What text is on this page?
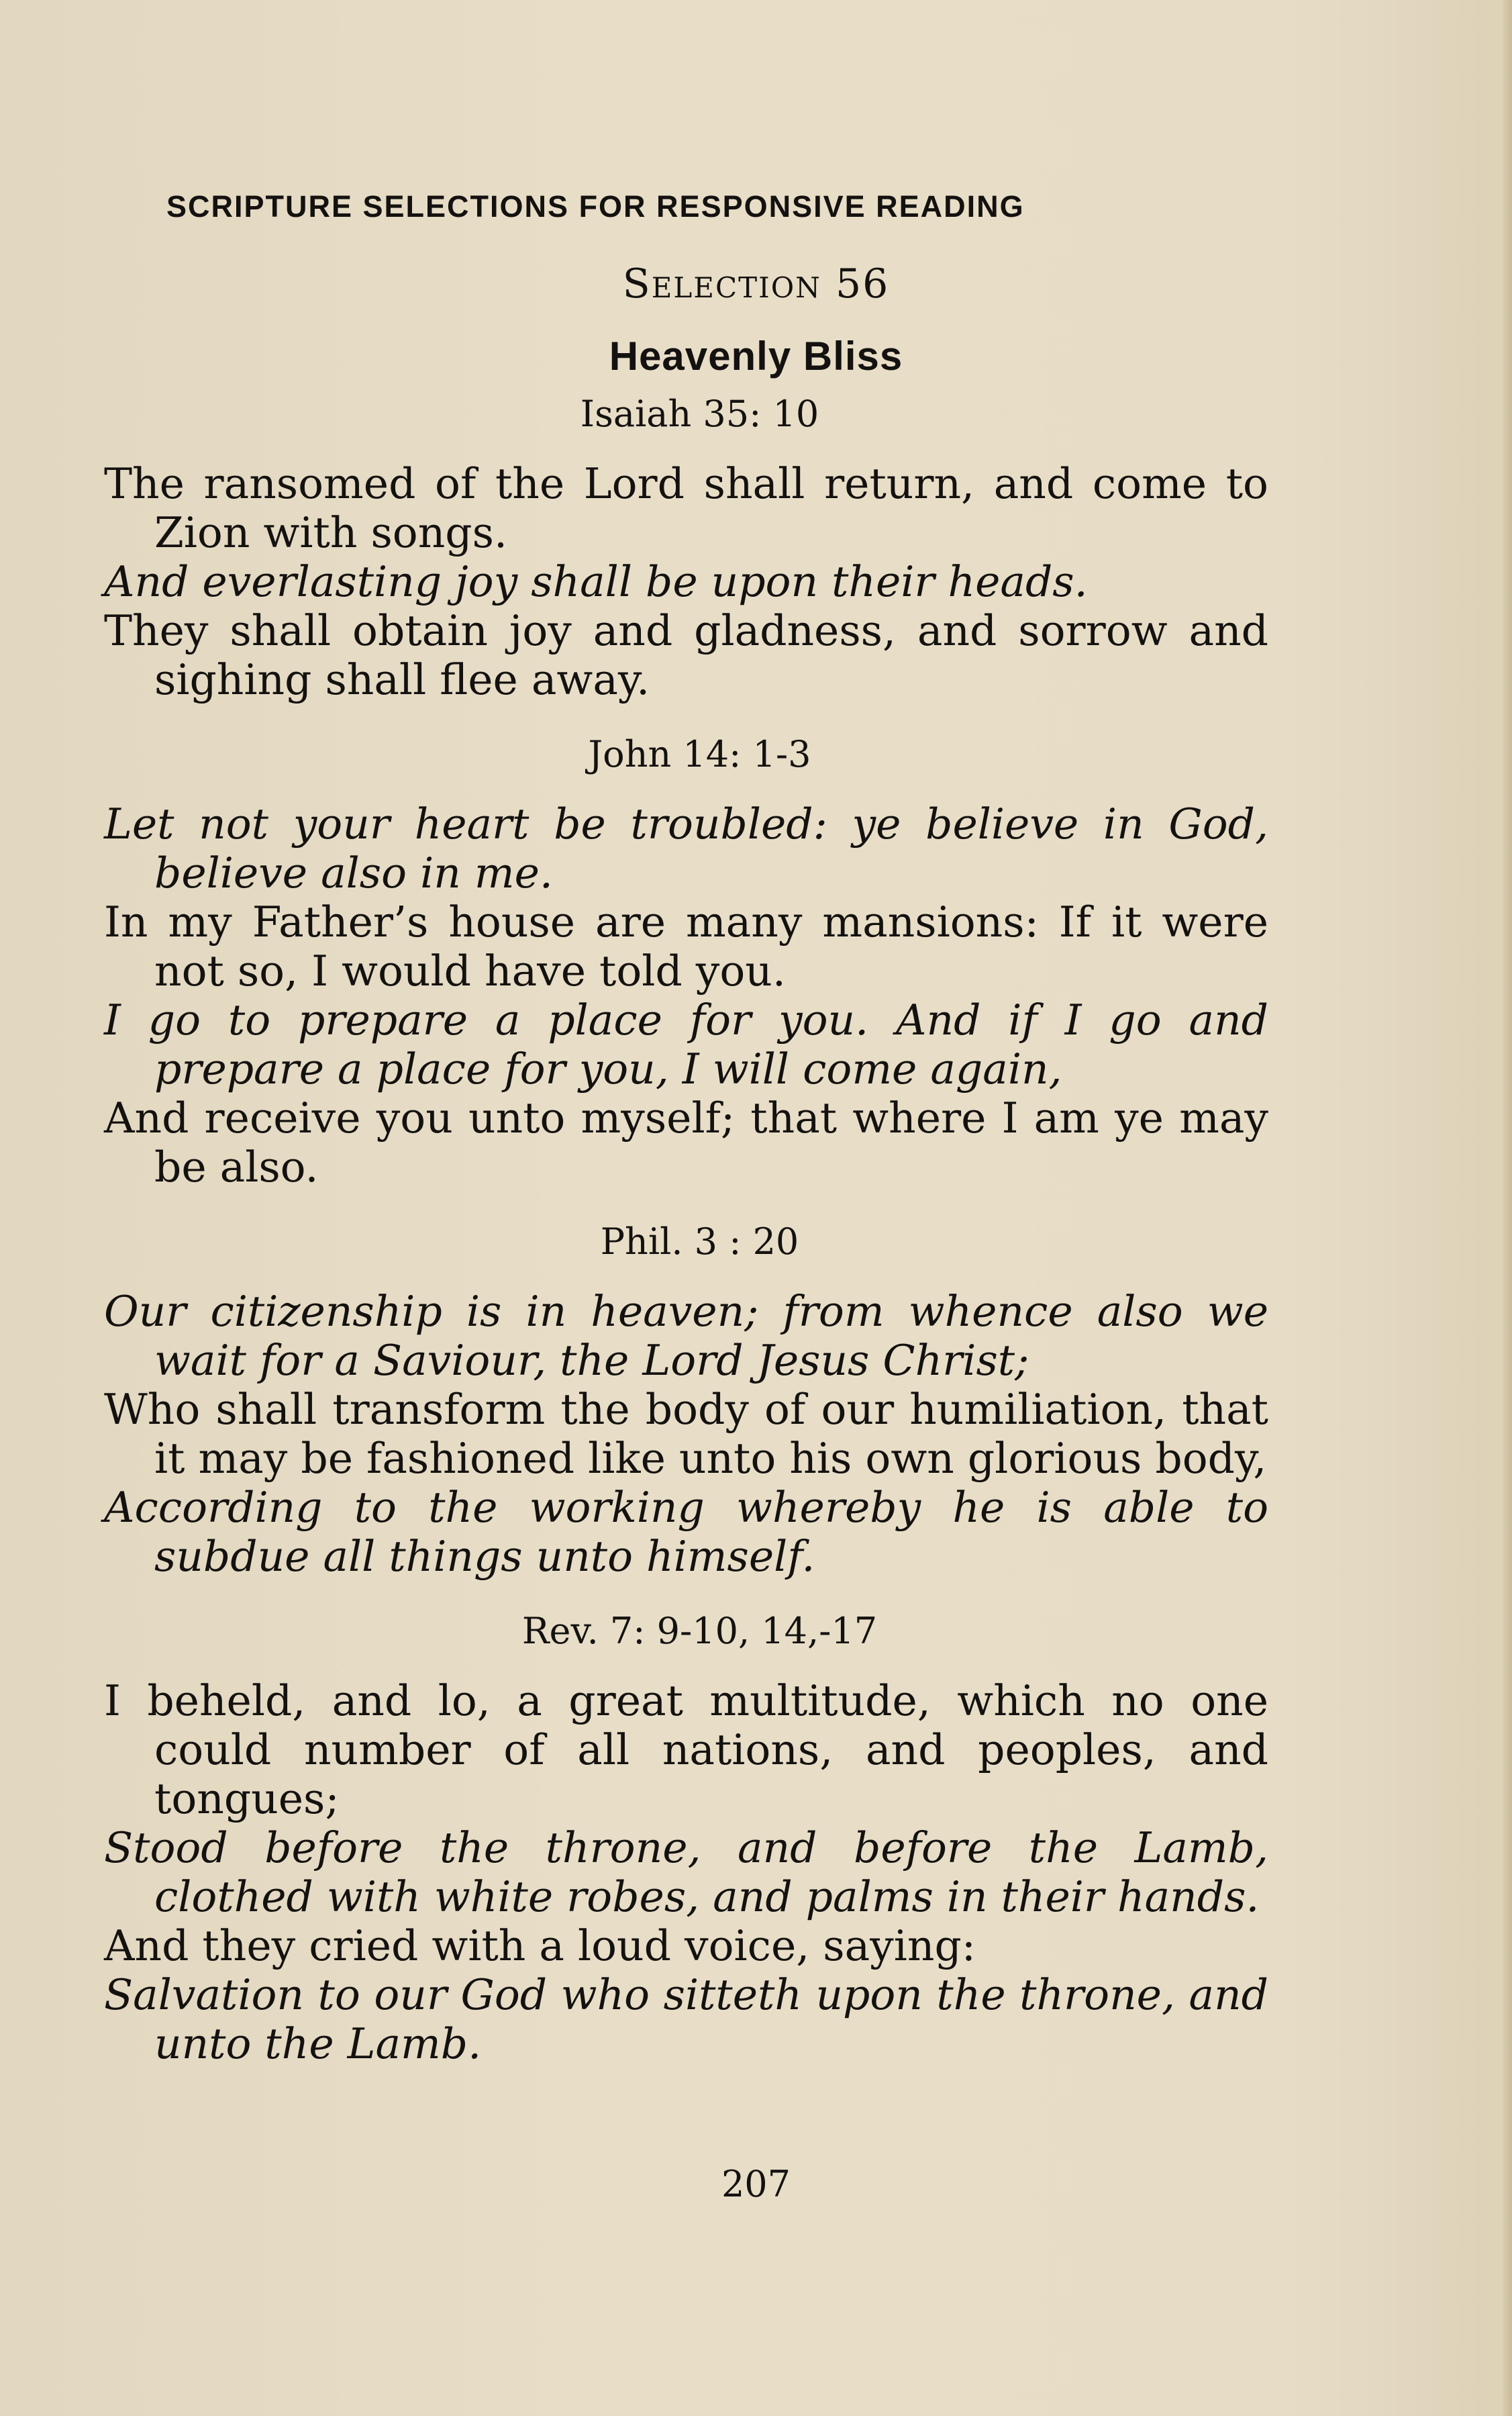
SCRIPTURE SELECTIONS FOR RESPONSIVE READING
Selection 56
Heavenly Bliss
Isaiah 35: 10

The ransomed of the Lord shall return, and come to Zion with songs.

And everlasting joy shall be upon their heads.

They shall obtain joy and gladness, and sorrow and sighing shall flee away.

John 14: 1-3

Let not your heart be troubled: ye believe in God, believe also in me.

In my Father’s house are many mansions: If it were not so, I would have told you.

I go to prepare a place for you. And if I go and prepare a place for you, I will come again,

And receive you unto myself; that where I am ye may be also.

Phil. 3 : 20

Our citizenship is in heaven; from whence also we wait for a Saviour, the Lord Jesus Christ;

Who shall transform the body of our humiliation, that it may be fashioned like unto his own glorious body,

According to the working whereby he is able to subdue all things unto himself.

Rev. 7: 9-10, 14,-17

I beheld, and lo, a great multitude, which no one could number of all nations, and peoples, and tongues;

Stood before the throne, and before the Lamb, clothed with white robes, and palms in their hands.

And they cried with a loud voice, saying:

Salvation to our God who sitteth upon the throne, and unto the Lamb.

207
